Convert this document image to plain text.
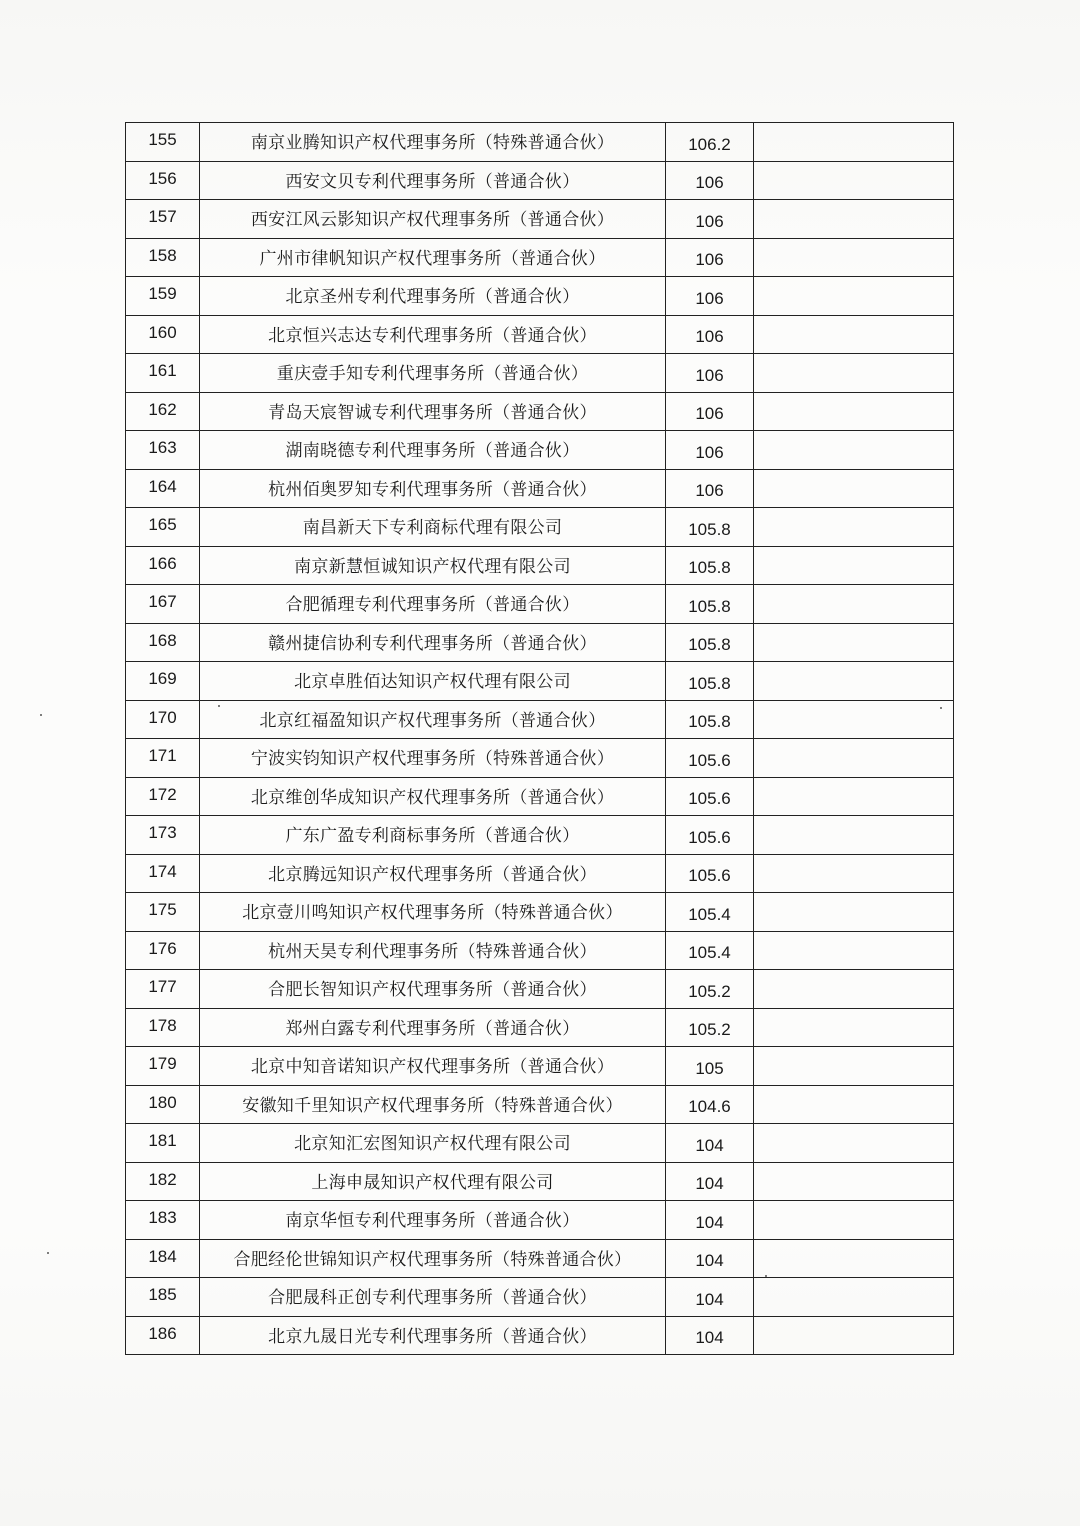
155	南京业腾知识产权代理事务所（特殊普通合伙）	106.2	
156	西安文贝专利代理事务所（普通合伙）	106	
157	西安江风云影知识产权代理事务所（普通合伙）	106	
158	广州市律帆知识产权代理事务所（普通合伙）	106	
159	北京圣州专利代理事务所（普通合伙）	106	
160	北京恒兴志达专利代理事务所（普通合伙）	106	
161	重庆壹手知专利代理事务所（普通合伙）	106	
162	青岛天宸智诚专利代理事务所（普通合伙）	106	
163	湖南晓德专利代理事务所（普通合伙）	106	
164	杭州佰奥罗知专利代理事务所（普通合伙）	106	
165	南昌新天下专利商标代理有限公司	105.8	
166	南京新慧恒诚知识产权代理有限公司	105.8	
167	合肥循理专利代理事务所（普通合伙）	105.8	
168	赣州捷信协利专利代理事务所（普通合伙）	105.8	
169	北京卓胜佰达知识产权代理有限公司	105.8	
170	北京红福盈知识产权代理事务所（普通合伙）	105.8	
171	宁波实钧知识产权代理事务所（特殊普通合伙）	105.6	
172	北京维创华成知识产权代理事务所（普通合伙）	105.6	
173	广东广盈专利商标事务所（普通合伙）	105.6	
174	北京腾远知识产权代理事务所（普通合伙）	105.6	
175	北京壹川鸣知识产权代理事务所（特殊普通合伙）	105.4	
176	杭州天昊专利代理事务所（特殊普通合伙）	105.4	
177	合肥长智知识产权代理事务所（普通合伙）	105.2	
178	郑州白露专利代理事务所（普通合伙）	105.2	
179	北京中知音诺知识产权代理事务所（普通合伙）	105	
180	安徽知千里知识产权代理事务所（特殊普通合伙）	104.6	
181	北京知汇宏图知识产权代理有限公司	104	
182	上海申晟知识产权代理有限公司	104	
183	南京华恒专利代理事务所（普通合伙）	104	
184	合肥经伦世锦知识产权代理事务所（特殊普通合伙）	104	
185	合肥晟科正创专利代理事务所（普通合伙）	104	
186	北京九晟日光专利代理事务所（普通合伙）	104	
